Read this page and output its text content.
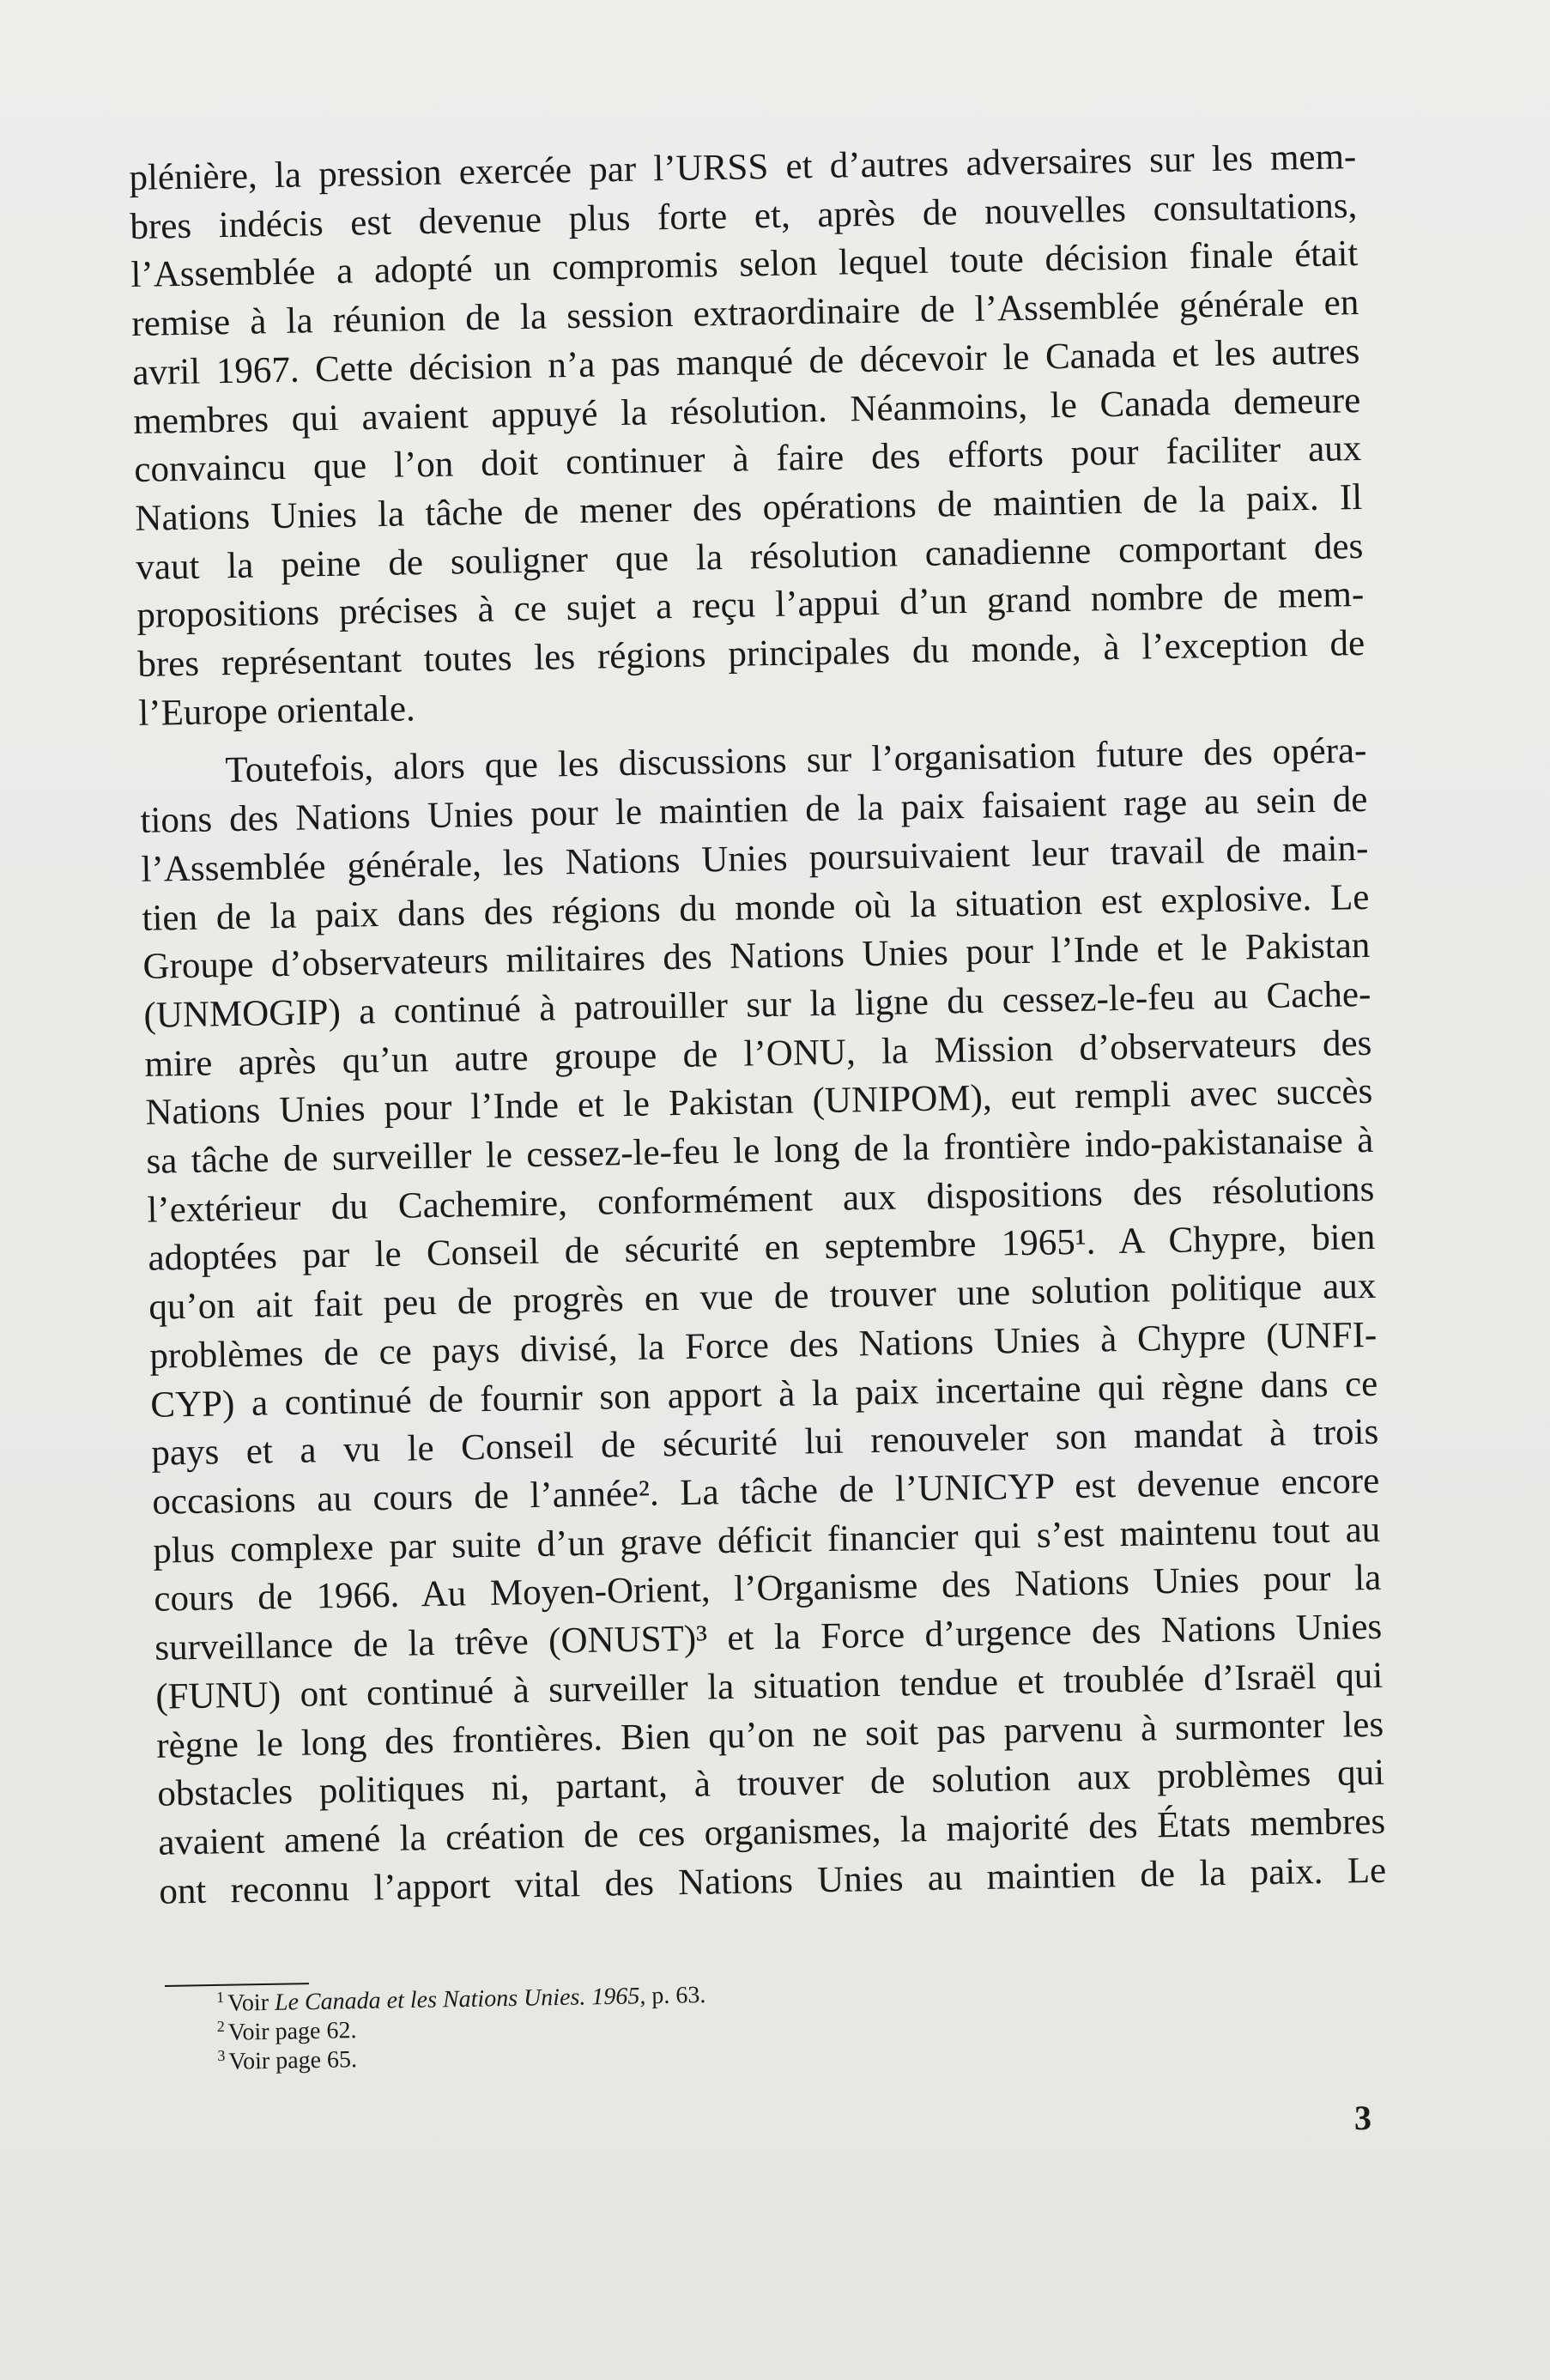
plénière, la pression exercée par l’URSS et d’autres adversaires sur les mem-
bres indécis est devenue plus forte et, après de nouvelles consultations,
l’Assemblée a adopté un compromis selon lequel toute décision finale était
remise à la réunion de la session extraordinaire de l’Assemblée générale en
avril 1967. Cette décision n’a pas manqué de décevoir le Canada et les autres
membres qui avaient appuyé la résolution. Néanmoins, le Canada demeure
convaincu que l’on doit continuer à faire des efforts pour faciliter aux
Nations Unies la tâche de mener des opérations de maintien de la paix. Il
vaut la peine de souligner que la résolution canadienne comportant des
propositions précises à ce sujet a reçu l’appui d’un grand nombre de mem-
bres représentant toutes les régions principales du monde, à l’exception de
l’Europe orientale.

Toutefois, alors que les discussions sur l’organisation future des opéra-
tions des Nations Unies pour le maintien de la paix faisaient rage au sein de
l’Assemblée générale, les Nations Unies poursuivaient leur travail de main-
tien de la paix dans des régions du monde où la situation est explosive. Le
Groupe d’observateurs militaires des Nations Unies pour l’Inde et le Pakistan
(UNMOGIP) a continué à patrouiller sur la ligne du cessez-le-feu au Cache-
mire après qu’un autre groupe de l’ONU, la Mission d’observateurs des
Nations Unies pour l’Inde et le Pakistan (UNIPOM), eut rempli avec succès
sa tâche de surveiller le cessez-le-feu le long de la frontière indo-pakistanaise à
l’extérieur du Cachemire, conformément aux dispositions des résolutions
adoptées par le Conseil de sécurité en septembre 1965¹. A Chypre, bien
qu’on ait fait peu de progrès en vue de trouver une solution politique aux
problèmes de ce pays divisé, la Force des Nations Unies à Chypre (UNFI-
CYP) a continué de fournir son apport à la paix incertaine qui règne dans ce
pays et a vu le Conseil de sécurité lui renouveler son mandat à trois
occasions au cours de l’année². La tâche de l’UNICYP est devenue encore
plus complexe par suite d’un grave déficit financier qui s’est maintenu tout au
cours de 1966. Au Moyen-Orient, l’Organisme des Nations Unies pour la
surveillance de la trêve (ONUST)³ et la Force d’urgence des Nations Unies
(FUNU) ont continué à surveiller la situation tendue et troublée d’Israël qui
règne le long des frontières. Bien qu’on ne soit pas parvenu à surmonter les
obstacles politiques ni, partant, à trouver de solution aux problèmes qui
avaient amené la création de ces organismes, la majorité des États membres
ont reconnu l’apport vital des Nations Unies au maintien de la paix. Le

$^1$ Voir Le Canada et les Nations Unies. 1965, p. 63.
$^2$ Voir page 62.
$^3$ Voir page 65.
3
